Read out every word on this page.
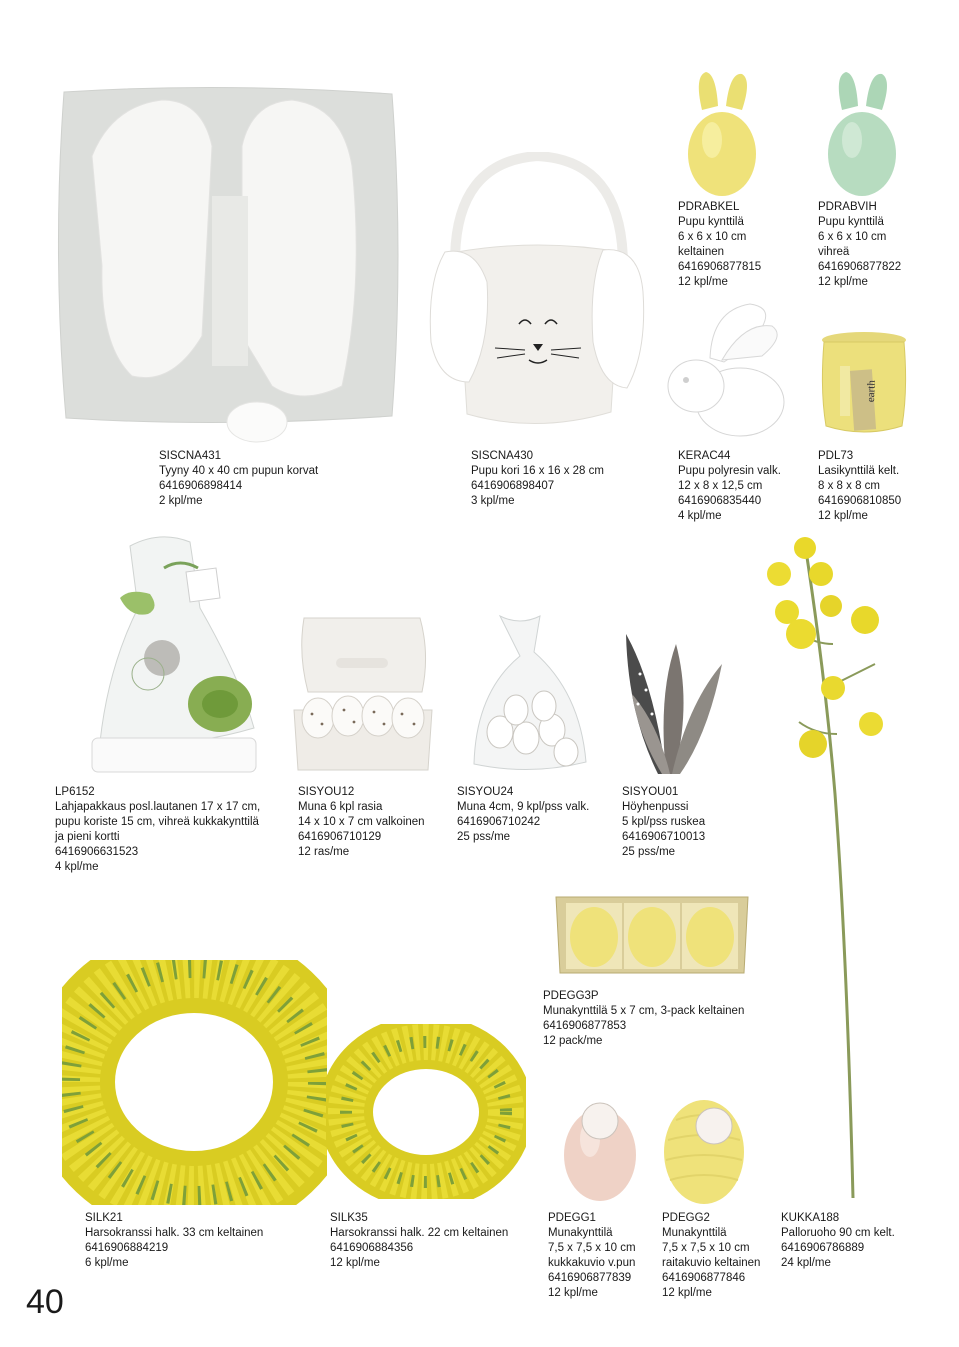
earth
SISCNA431
Tyyny 40 x 40 cm pupun korvat
6416906898414
2 kpl/me
SISCNA430
Pupu kori 16 x 16 x 28 cm
6416906898407
3 kpl/me
PDRABKEL
Pupu kynttilä
6 x 6 x 10 cm
keltainen
6416906877815
12 kpl/me
PDRABVIH
Pupu kynttilä
6 x 6 x 10 cm
vihreä
6416906877822
12 kpl/me
KERAC44
Pupu polyresin valk.
12 x 8 x 12,5 cm
6416906835440
4 kpl/me
PDL73
Lasikynttilä kelt.
8 x 8 x 8 cm
6416906810850
12 kpl/me
LP6152
Lahjapakkaus posl.lautanen 17 x 17 cm,
pupu koriste 15 cm, vihreä kukkakynttilä
ja pieni kortti
6416906631523
4 kpl/me
SISYOU12
Muna 6 kpl rasia
14 x 10 x 7 cm valkoinen
6416906710129
12 ras/me
SISYOU24
Muna 4cm, 9 kpl/pss valk.
6416906710242
25 pss/me
SISYOU01
Höyhenpussi
5 kpl/pss ruskea
6416906710013
25 pss/me
PDEGG3P
Munakynttilä 5 x 7 cm, 3-pack keltainen
6416906877853
12 pack/me
SILK21
Harsokranssi halk. 33 cm keltainen
6416906884219
6 kpl/me
SILK35
Harsokranssi halk. 22 cm keltainen
6416906884356
12 kpl/me
PDEGG1
Munakynttilä
7,5 x 7,5 x 10 cm
kukkakuvio v.pun
6416906877839
12 kpl/me
PDEGG2
Munakynttilä
7,5 x 7,5 x 10 cm
raitakuvio keltainen
6416906877846
12 kpl/me
KUKKA188
Palloruoho 90 cm kelt.
6416906786889
24 kpl/me
40
